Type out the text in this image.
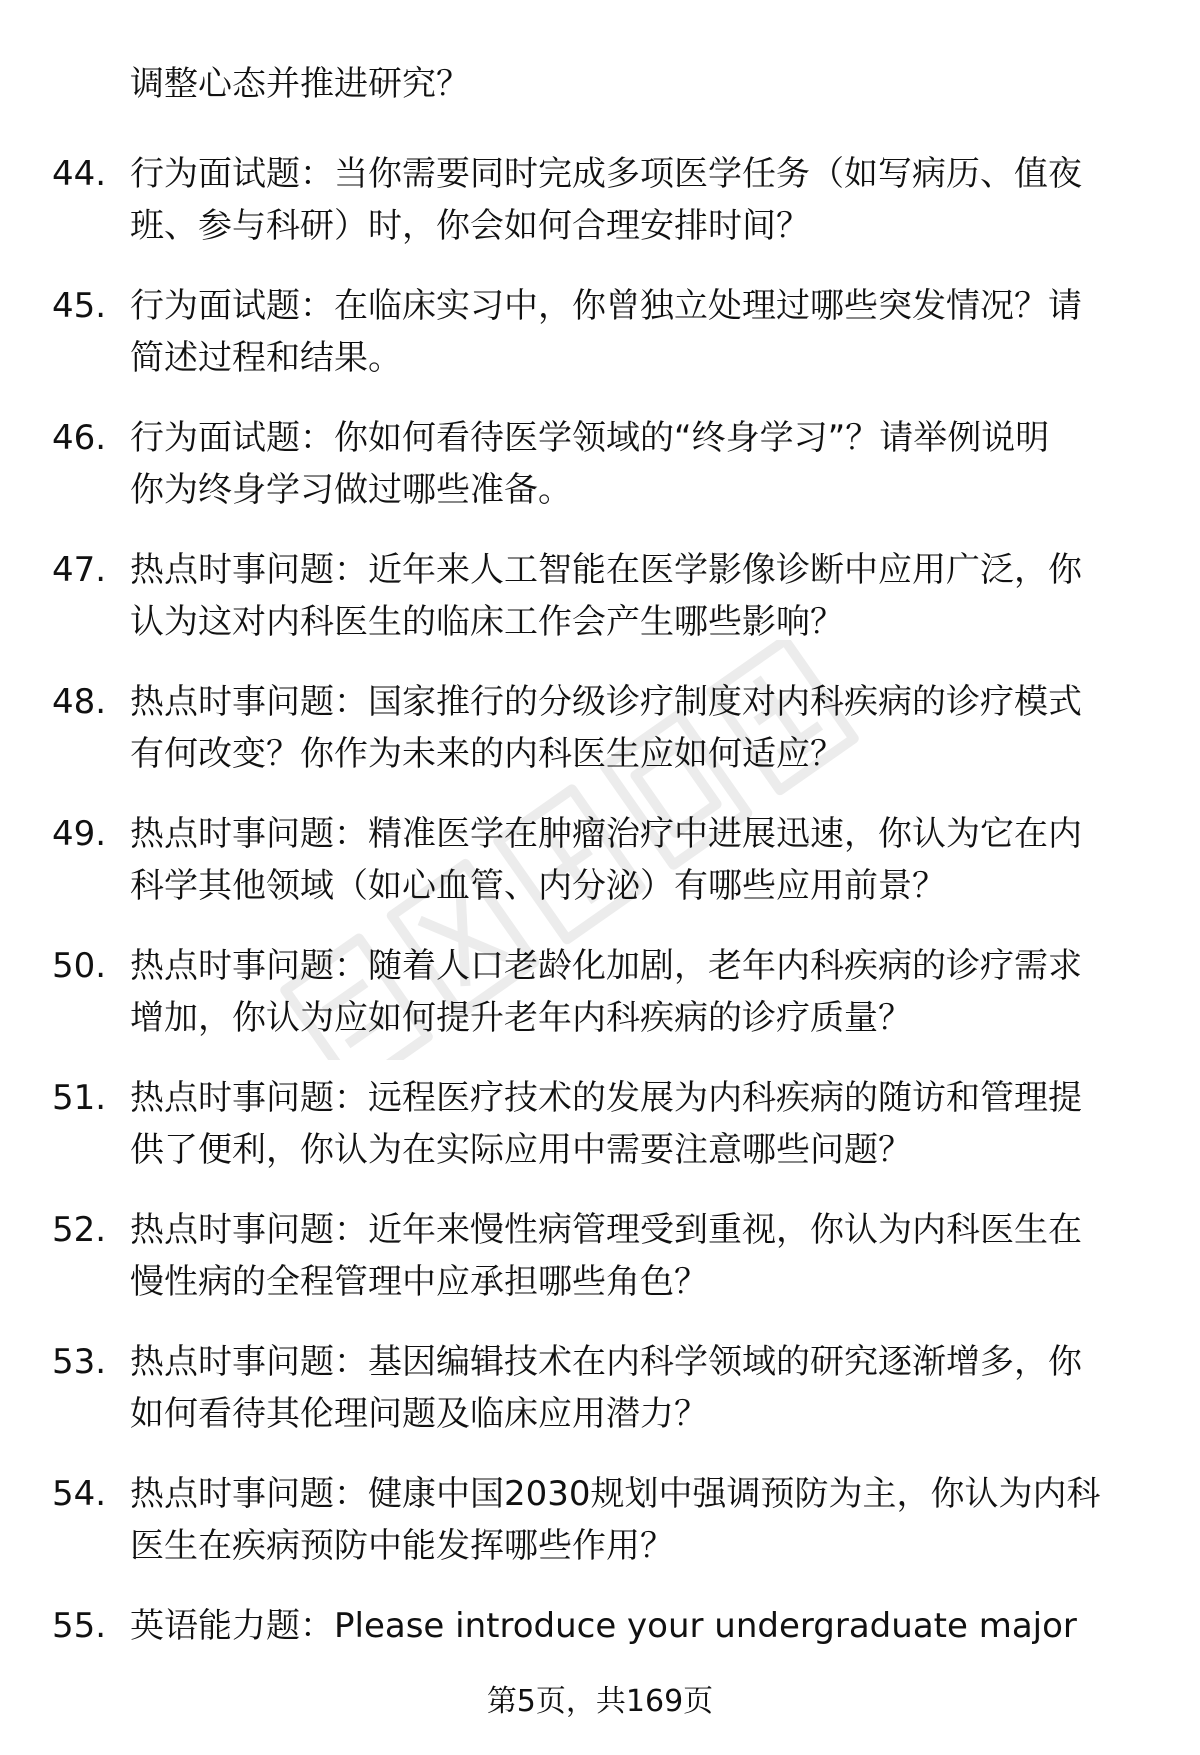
调整心态并推进研究？
44. 行为面试题：当你需要同时完成多项医学任务（如写病历、值夜
班、参与科研）时，你会如何合理安排时间？
45. 行为面试题：在临床实习中，你曾独立处理过哪些突发情况？请
简述过程和结果。
46. 行为面试题：你如何看待医学领域的“终身学习”？请举例说明
你为终身学习做过哪些准备。
47. 热点时事问题：近年来人工智能在医学影像诊断中应用广泛，你
认为这对内科医生的临床工作会产生哪些影响？
48. 热点时事问题：国家推行的分级诊疗制度对内科疾病的诊疗模式
有何改变？你作为未来的内科医生应如何适应？
49. 热点时事问题：精准医学在肿瘤治疗中进展迅速，你认为它在内
科学其他领域（如心血管、内分泌）有哪些应用前景？
50. 热点时事问题：随着人口老龄化加剧，老年内科疾病的诊疗需求
增加，你认为应如何提升老年内科疾病的诊疗质量？
51. 热点时事问题：远程医疗技术的发展为内科疾病的随访和管理提
供了便利，你认为在实际应用中需要注意哪些问题？
52. 热点时事问题：近年来慢性病管理受到重视，你认为内科医生在
慢性病的全程管理中应承担哪些角色？
53. 热点时事问题：基因编辑技术在内科学领域的研究逐渐增多，你
如何看待其伦理问题及临床应用潜力？
54. 热点时事问题：健康中国2030规划中强调预防为主，你认为内科
医生在疾病预防中能发挥哪些作用？
55. 英语能力题：Please introduce your undergraduate major
第5页，共169页
